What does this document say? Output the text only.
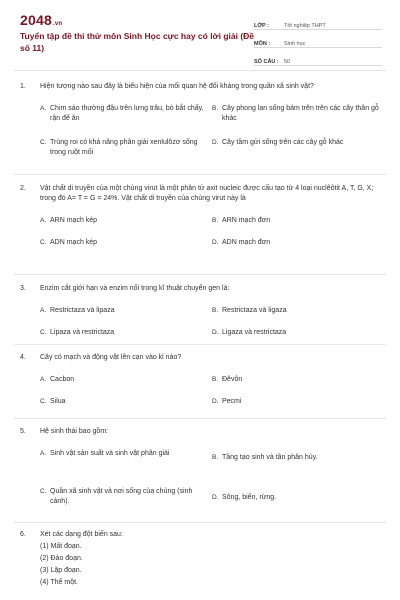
2048.vn
Tuyển tập đề thi thử môn Sinh Học cực hay có lời giải (Đề số 11)
LỚP :	Tốt nghiệp THPT
MÔN :	Sinh học
SỐ CÂU : 50
1.	Hiện tượng nào sau đây là biểu hiện của mối quan hệ đối kháng trong quần xã sinh vật?
A. Chim sáo thường đậu trên lưng trâu, bò bắt chấy, rận để ăn
B. Cây phong lan sống bám trên trên các cây thân gỗ khác
C. Trùng roi có khả năng phân giải xenlulôzơ sống trong ruột mối
D. Cây tầm gửi sống trên các cây gỗ khác
2.	Vật chất di truyền của một chủng virut là một phân tử axit nucleic được cấu tạo từ 4 loại nuclêôtit A, T, G, X; trong đó A= T = G = 24%. Vật chất di truyền của chủng virut này là
A. ARN mạch kép	B. ARN mạch đơn
C. ADN mạch kép	D. ADN mạch đơn
3.	Enzim cắt giới hạn và enzim nối trong kĩ thuật chuyển gen là:
A. Restrictaza và lipaza	B. Restrictaza và ligaza
C. Lipaza và restrictaza	D. Ligaza và restrictaza
4.	Cây có mạch và động vật lên cạn vào kỉ nào?
A. Cacbon	B. Đêvôn
C. Silua	D. Pecmi
5.	Hệ sinh thái bao gồm:
A. Sinh vật sản suất và sinh vật phân giải
B. Tầng tạo sinh và tần phân hủy.
C. Quần xã sinh vật và nơi sống của chúng (sinh cảnh).
D. Sông, biển, rừng.
6.	Xét các dạng đột biến sau:
(1) Mất đoạn.
(2) Đảo đoạn.
(3) Lặp đoạn.
(4) Thể một.
